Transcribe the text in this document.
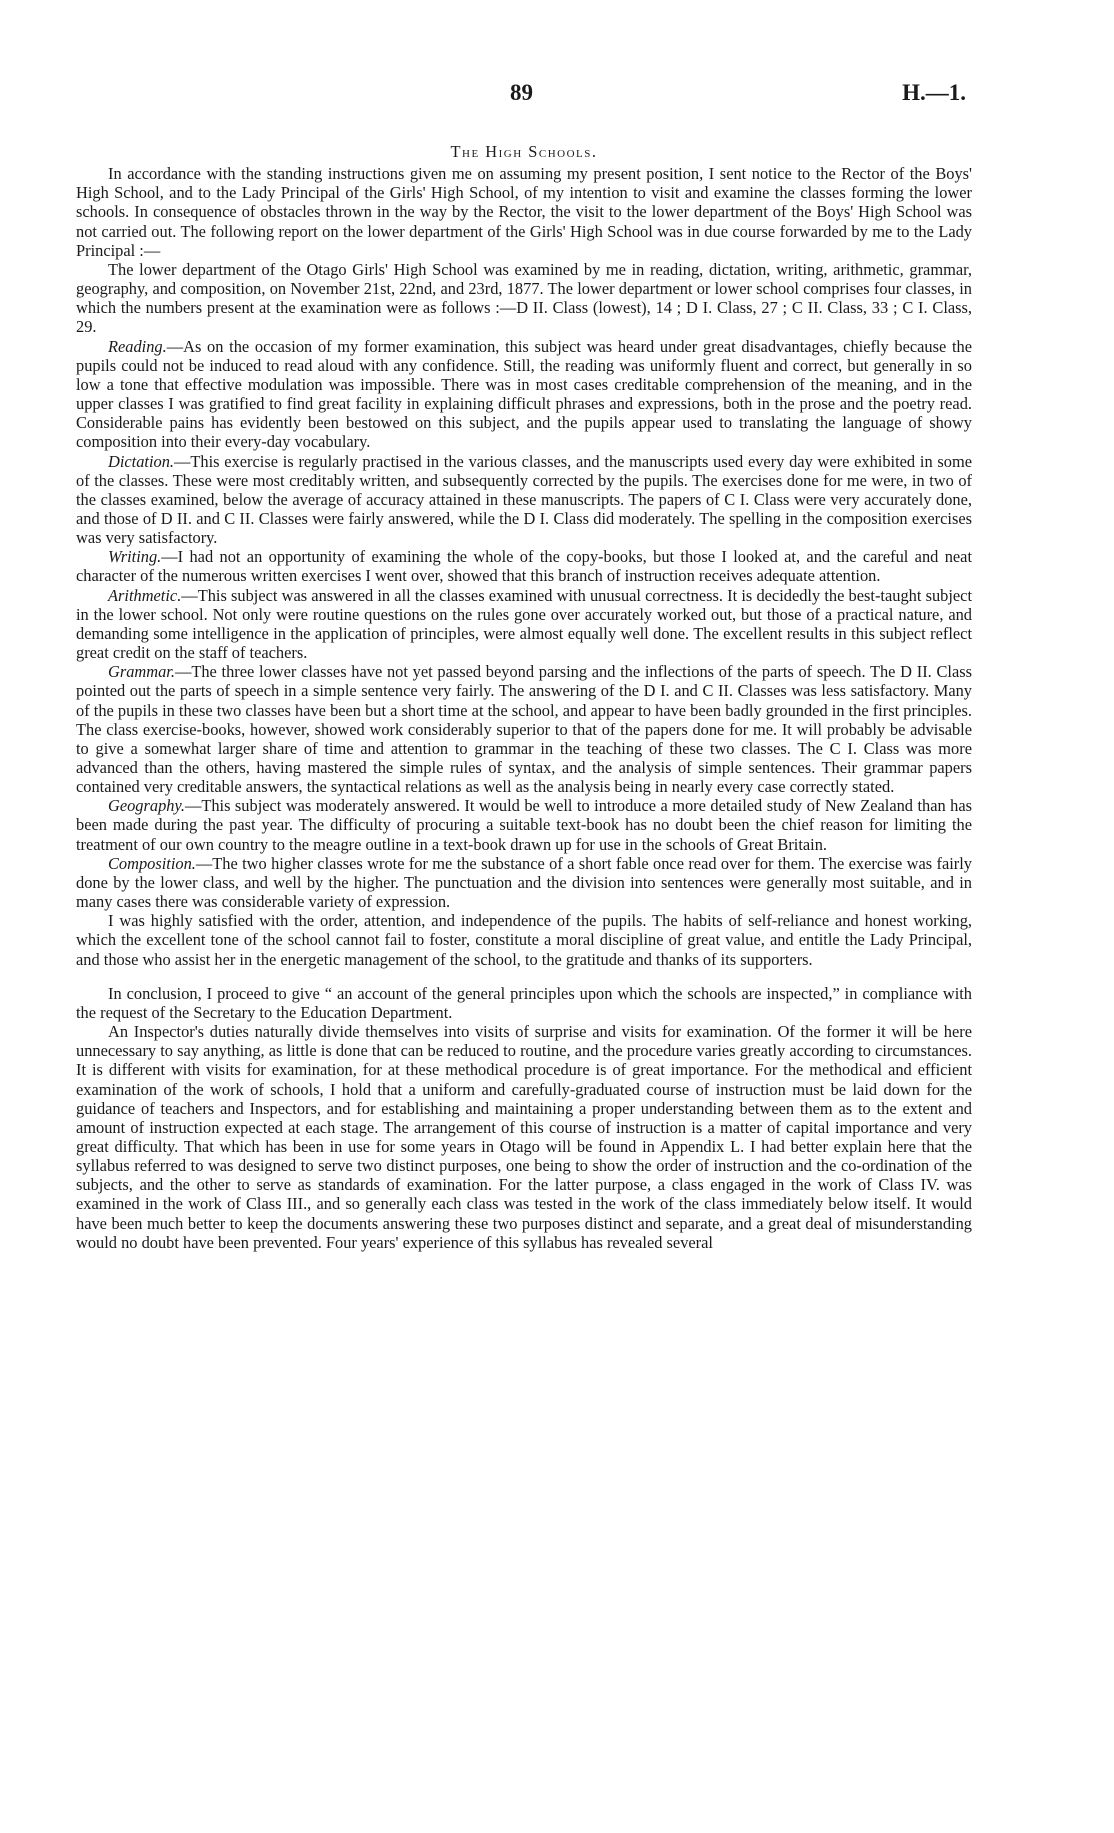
89	H.—1.
The High Schools.

In accordance with the standing instructions given me on assuming my present position, I sent notice to the Rector of the Boys' High School, and to the Lady Principal of the Girls' High School, of my intention to visit and examine the classes forming the lower schools. In consequence of obstacles thrown in the way by the Rector, the visit to the lower department of the Boys' High School was not carried out. The following report on the lower department of the Girls' High School was in due course forwarded by me to the Lady Principal :—

The lower department of the Otago Girls' High School was examined by me in reading, dictation, writing, arithmetic, grammar, geography, and composition, on November 21st, 22nd, and 23rd, 1877. The lower department or lower school comprises four classes, in which the numbers present at the examination were as follows :—D II. Class (lowest), 14 ; D I. Class, 27 ; C II. Class, 33 ; C I. Class, 29.

Reading.—As on the occasion of my former examination, this subject was heard under great disadvantages, chiefly because the pupils could not be induced to read aloud with any confidence. Still, the reading was uniformly fluent and correct, but generally in so low a tone that effective modulation was impossible. There was in most cases creditable comprehension of the meaning, and in the upper classes I was gratified to find great facility in explaining difficult phrases and expressions, both in the prose and the poetry read. Considerable pains has evidently been bestowed on this subject, and the pupils appear used to translating the language of showy composition into their every-day vocabulary.

Dictation.—This exercise is regularly practised in the various classes, and the manuscripts used every day were exhibited in some of the classes. These were most creditably written, and subsequently corrected by the pupils. The exercises done for me were, in two of the classes examined, below the average of accuracy attained in these manuscripts. The papers of C I. Class were very accurately done, and those of D II. and C II. Classes were fairly answered, while the D I. Class did moderately. The spelling in the composition exercises was very satisfactory.

Writing.—I had not an opportunity of examining the whole of the copy-books, but those I looked at, and the careful and neat character of the numerous written exercises I went over, showed that this branch of instruction receives adequate attention.

Arithmetic.—This subject was answered in all the classes examined with unusual correctness. It is decidedly the best-taught subject in the lower school. Not only were routine questions on the rules gone over accurately worked out, but those of a practical nature, and demanding some intelligence in the application of principles, were almost equally well done. The excellent results in this subject reflect great credit on the staff of teachers.

Grammar.—The three lower classes have not yet passed beyond parsing and the inflections of the parts of speech. The D II. Class pointed out the parts of speech in a simple sentence very fairly. The answering of the D I. and C II. Classes was less satisfactory. Many of the pupils in these two classes have been but a short time at the school, and appear to have been badly grounded in the first principles. The class exercise-books, however, showed work considerably superior to that of the papers done for me. It will probably be advisable to give a somewhat larger share of time and attention to grammar in the teaching of these two classes. The C I. Class was more advanced than the others, having mastered the simple rules of syntax, and the analysis of simple sentences. Their grammar papers contained very creditable answers, the syntactical relations as well as the analysis being in nearly every case correctly stated.

Geography.—This subject was moderately answered. It would be well to introduce a more detailed study of New Zealand than has been made during the past year. The difficulty of procuring a suitable text-book has no doubt been the chief reason for limiting the treatment of our own country to the meagre outline in a text-book drawn up for use in the schools of Great Britain.

Composition.—The two higher classes wrote for me the substance of a short fable once read over for them. The exercise was fairly done by the lower class, and well by the higher. The punctuation and the division into sentences were generally most suitable, and in many cases there was considerable variety of expression.

I was highly satisfied with the order, attention, and independence of the pupils. The habits of self-reliance and honest working, which the excellent tone of the school cannot fail to foster, constitute a moral discipline of great value, and entitle the Lady Principal, and those who assist her in the energetic management of the school, to the gratitude and thanks of its supporters.

In conclusion, I proceed to give “ an account of the general principles upon which the schools are inspected,” in compliance with the request of the Secretary to the Education Department.

An Inspector's duties naturally divide themselves into visits of surprise and visits for examination. Of the former it will be here unnecessary to say anything, as little is done that can be reduced to routine, and the procedure varies greatly according to circumstances. It is different with visits for examination, for at these methodical procedure is of great importance. For the methodical and efficient examination of the work of schools, I hold that a uniform and carefully-graduated course of instruction must be laid down for the guidance of teachers and Inspectors, and for establishing and maintaining a proper understanding between them as to the extent and amount of instruction expected at each stage. The arrangement of this course of instruction is a matter of capital importance and very great difficulty. That which has been in use for some years in Otago will be found in Appendix L. I had better explain here that the syllabus referred to was designed to serve two distinct purposes, one being to show the order of instruction and the co-ordination of the subjects, and the other to serve as standards of examination. For the latter purpose, a class engaged in the work of Class IV. was examined in the work of Class III., and so generally each class was tested in the work of the class immediately below itself. It would have been much better to keep the documents answering these two purposes distinct and separate, and a great deal of misunderstanding would no doubt have been prevented. Four years' experience of this syllabus has revealed several
